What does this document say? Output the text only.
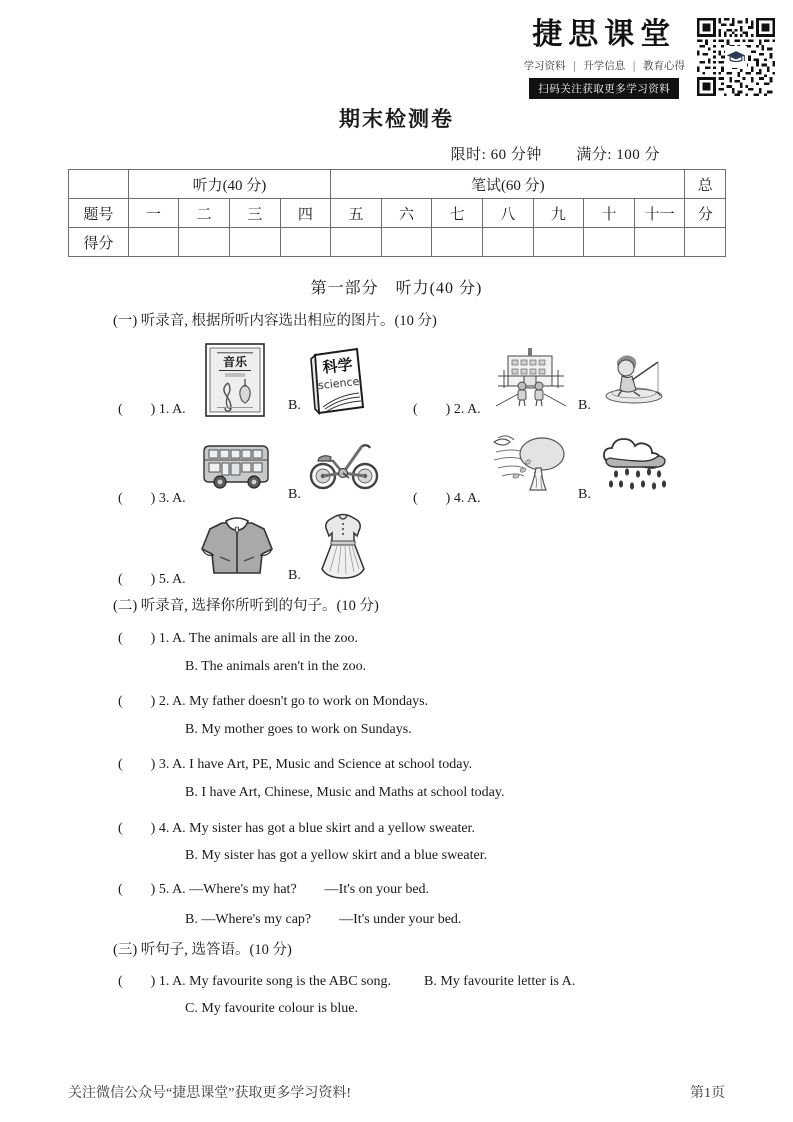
捷思课堂
学习资料 | 升学信息 | 教育心得
扫码关注获取更多学习资料
期末检测卷
限时: 60 分钟 满分: 100 分
	听力(40 分)				笔试(60 分)							总
题号	一	二	三	四	五	六	七	八	九	十	十一	分
得分												
第一部分　听力(40 分)
(一) 听录音, 根据所听内容选出相应的图片。(10 分)
(　　) 1. A.
音乐
B.
科学
science
(　　) 2. A.	B.
(　　) 3. A.	B.	(　　) 4. A.	B.
(　　) 5. A.	B.
(二) 听录音, 选择你所听到的句子。(10 分)
(　　) 1. A. The animals are all in the zoo.
B. The animals aren't in the zoo.
(　　) 2. A. My father doesn't go to work on Mondays.
B. My mother goes to work on Sundays.
(　　) 3. A. I have Art, PE, Music and Science at school today.
B. I have Art, Chinese, Music and Maths at school today.
(　　) 4. A. My sister has got a blue skirt and a yellow sweater.
B. My sister has got a yellow skirt and a blue sweater.
(　　) 5. A. —Where's my hat?　　—It's on your bed.
B. —Where's my cap?　　—It's under your bed.
(三) 听句子, 选答语。(10 分)
(　　) 1. A. My favourite song is the ABC song. B. My favourite letter is A.
C. My favourite colour is blue.
关注微信公众号“捷思课堂”获取更多学习资料!	第1页
